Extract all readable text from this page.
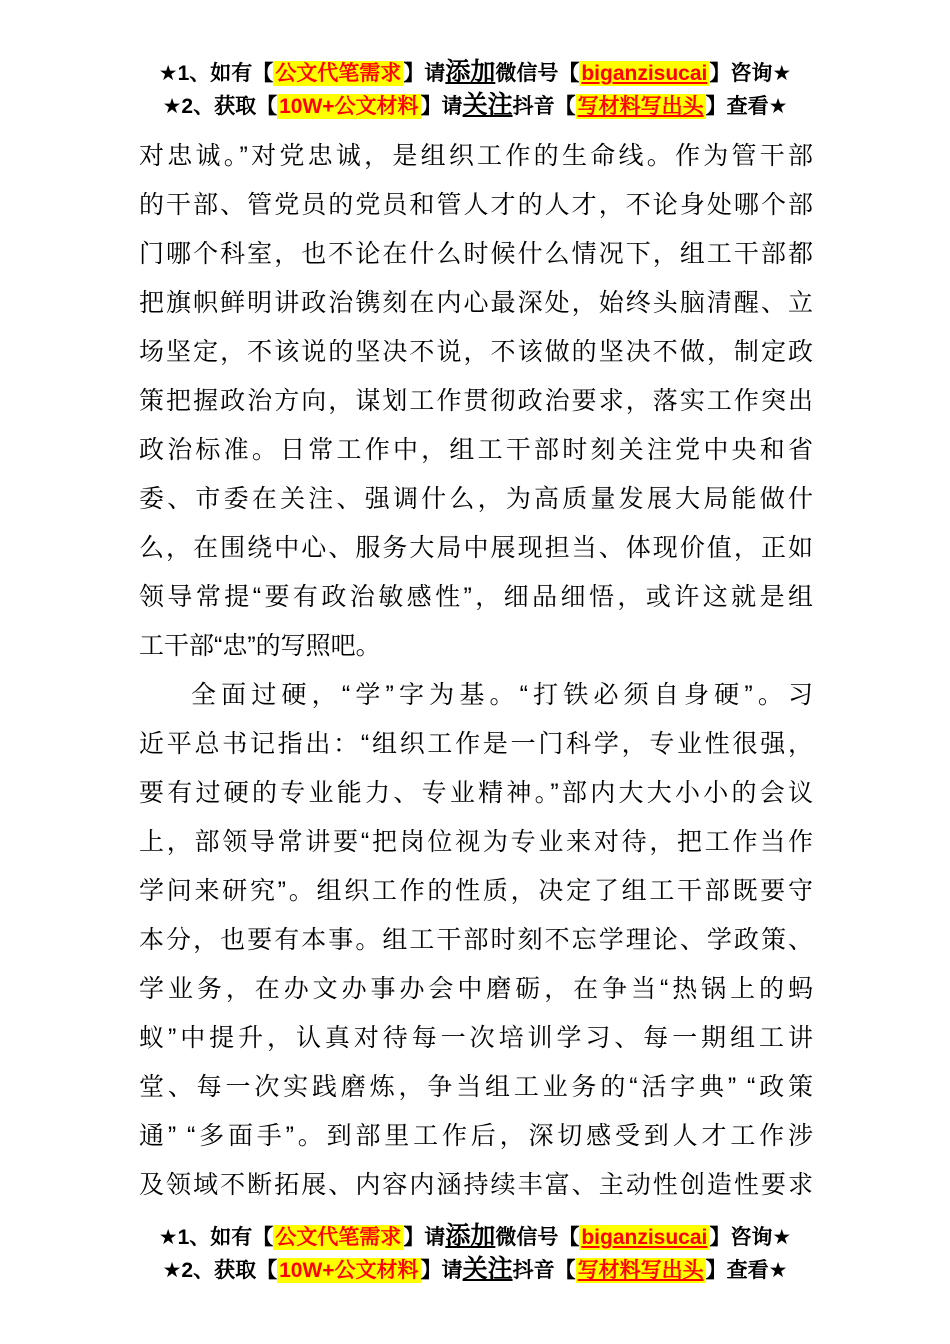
★1、如有【公文代笔需求】请添加微信号【biganzisucai】咨询★
★2、获取【10W+公文材料】请关注抖音【写材料写出头】查看★
对忠诚。”对党忠诚，是组织工作的生命线。作为管干部
的干部、管党员的党员和管人才的人才，不论身处哪个部
门哪个科室，也不论在什么时候什么情况下，组工干部都
把旗帜鲜明讲政治镌刻在内心最深处，始终头脑清醒、立
场坚定，不该说的坚决不说，不该做的坚决不做，制定政
策把握政治方向，谋划工作贯彻政治要求，落实工作突出
政治标准。日常工作中，组工干部时刻关注党中央和省
委、市委在关注、强调什么，为高质量发展大局能做什
么，在围绕中心、服务大局中展现担当、体现价值，正如
领导常提“要有政治敏感性”，细品细悟，或许这就是组
工干部“忠”的写照吧。
全面过硬，“学”字为基。“打铁必须自身硬”。习
近平总书记指出：“组织工作是一门科学，专业性很强，
要有过硬的专业能力、专业精神。”部内大大小小的会议
上，部领导常讲要“把岗位视为专业来对待，把工作当作
学问来研究”。组织工作的性质，决定了组工干部既要守
本分，也要有本事。组工干部时刻不忘学理论、学政策、
学业务，在办文办事办会中磨砺，在争当“热锅上的蚂
蚁”中提升，认真对待每一次培训学习、每一期组工讲
堂、每一次实践磨炼，争当组工业务的“活字典” “政策
通” “多面手”。到部里工作后，深切感受到人才工作涉
及领域不断拓展、内容内涵持续丰富、主动性创造性要求
★1、如有【公文代笔需求】请添加微信号【biganzisucai】咨询★
★2、获取【10W+公文材料】请关注抖音【写材料写出头】查看★
